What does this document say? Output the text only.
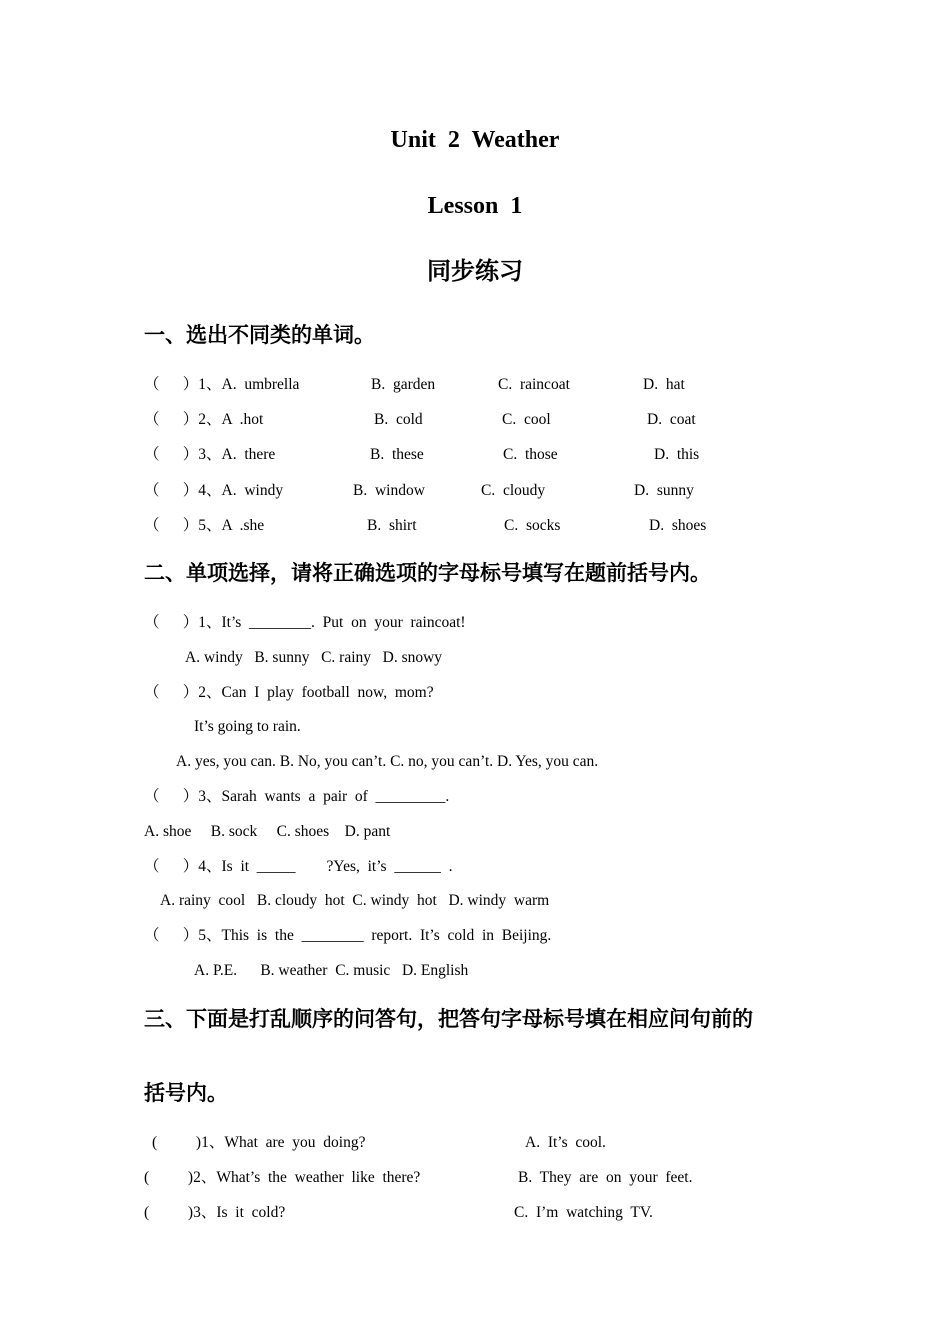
Unit  2  Weather
Lesson  1
同步练习
一、选出不同类的单词。
（      ）1、A.  umbrella	B.  garden	C.  raincoat	D.  hat
（      ）2、A  .hot	B.  cold	C.  cool	D.  coat
（      ）3、A.  there	B.  these	C.  those	D.  this
（      ）4、A.  windy	B.  window	C.  cloudy	D.  sunny
（      ）5、A  .she	B.  shirt	C.  socks	D.  shoes
二、单项选择，请将正确选项的字母标号填写在题前括号内。
（      ）1、It’s  ________.  Put  on  your  raincoat!
A. windy   B. sunny   C. rainy   D. snowy
（      ）2、Can  I  play  football  now,  mom?
It’s going to rain.
A. yes, you can. B. No, you can’t. C. no, you can’t. D. Yes, you can.
（      ）3、Sarah  wants  a  pair  of  _________.
A. shoe     B. sock     C. shoes    D. pant
（      ）4、Is  it  _____        ?Yes,  it’s  ______  .
A. rainy  cool   B. cloudy  hot  C. windy  hot   D. windy  warm
（      ）5、This  is  the  ________  report.  It’s  cold  in  Beijing.
A. P.E.      B. weather  C. music   D. English
三、下面是打乱顺序的问答句，把答句字母标号填在相应问句前的
括号内。
(          )1、What  are  you  doing?	A.  It’s  cool.
(          )2、What’s  the  weather  like  there?	B.  They  are  on  your  feet.
(          )3、Is  it  cold?	C.  I’m  watching  TV.
